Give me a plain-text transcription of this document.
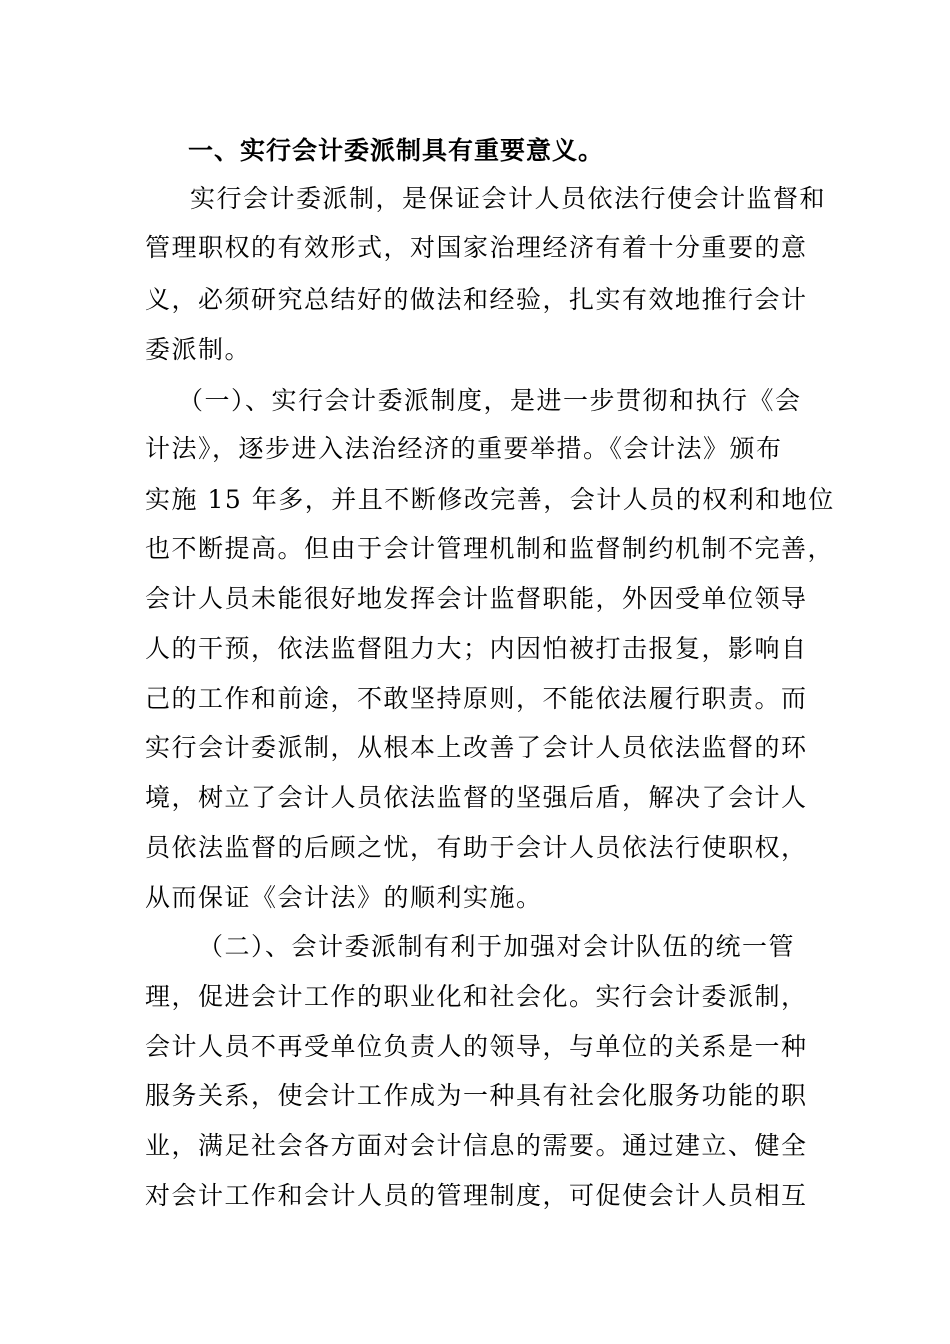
一、实行会计委派制具有重要意义。
实行会计委派制，是保证会计人员依法行使会计监督和
管理职权的有效形式，对国家治理经济有着十分重要的意
义，必须研究总结好的做法和经验，扎实有效地推行会计
委派制。
（一）、实行会计委派制度，是进一步贯彻和执行《会
计法》，逐步进入法治经济的重要举措。《会计法》颁布
实施 15 年多，并且不断修改完善，会计人员的权利和地位
也不断提高。但由于会计管理机制和监督制约机制不完善，
会计人员未能很好地发挥会计监督职能，外因受单位领导
人的干预，依法监督阻力大；内因怕被打击报复，影响自
己的工作和前途，不敢坚持原则，不能依法履行职责。而
实行会计委派制，从根本上改善了会计人员依法监督的环
境，树立了会计人员依法监督的坚强后盾，解决了会计人
员依法监督的后顾之忧，有助于会计人员依法行使职权，
从而保证《会计法》的顺利实施。
（二）、会计委派制有利于加强对会计队伍的统一管
理，促进会计工作的职业化和社会化。实行会计委派制，
会计人员不再受单位负责人的领导，与单位的关系是一种
服务关系，使会计工作成为一种具有社会化服务功能的职
业，满足社会各方面对会计信息的需要。通过建立、健全
对会计工作和会计人员的管理制度，可促使会计人员相互
